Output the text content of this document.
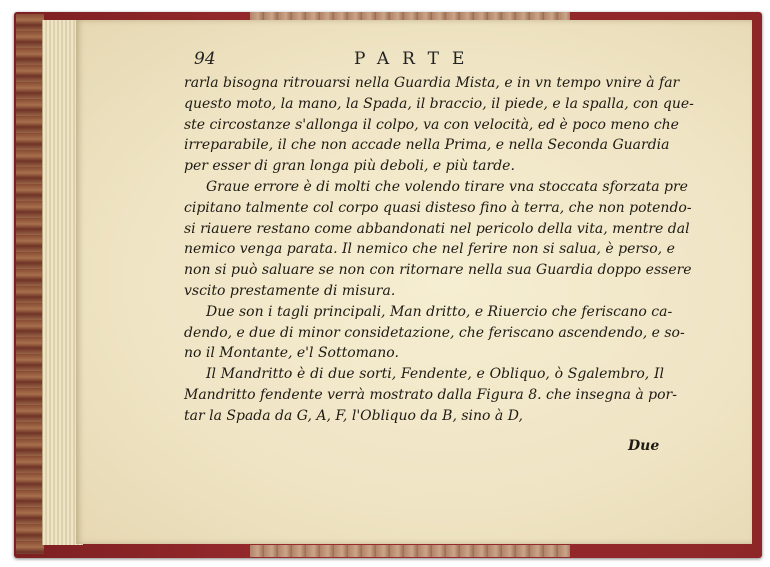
94	PARTE
rarla bisogna ritrouarsi nella Guardia Mista, e in vn tempo vnire à far
questo moto, la mano, la Spada, il braccio, il piede, e la spalla, con que-
ste circostanze s'allonga il colpo, va con velocità, ed è poco meno che
irreparabile, il che non accade nella Prima, e nella Seconda Guardia
per esser di gran longa più deboli, e più tarde.
Graue errore è di molti che volendo tirare vna stoccata sforzata pre
cipitano talmente col corpo quasi disteso fino à terra, che non potendo-
si riauere restano come abbandonati nel pericolo della vita, mentre dal
nemico venga parata. Il nemico che nel ferire non si salua, è perso, e
non si può saluare se non con ritornare nella sua Guardia doppo essere
vscito prestamente di misura.
Due son i tagli principali, Man dritto, e Riuercio che feriscano ca-
dendo, e due di minor considetazione, che feriscano ascendendo, e so-
no il Montante, e'l Sottomano.
Il Mandritto è di due sorti, Fendente, e Obliquo, ò Sgalembro, Il
Mandritto fendente verrà mostrato dalla Figura 8. che insegna à por-
tar la Spada da G, A, F, l'Obliquo da B, sino à D,
Due
